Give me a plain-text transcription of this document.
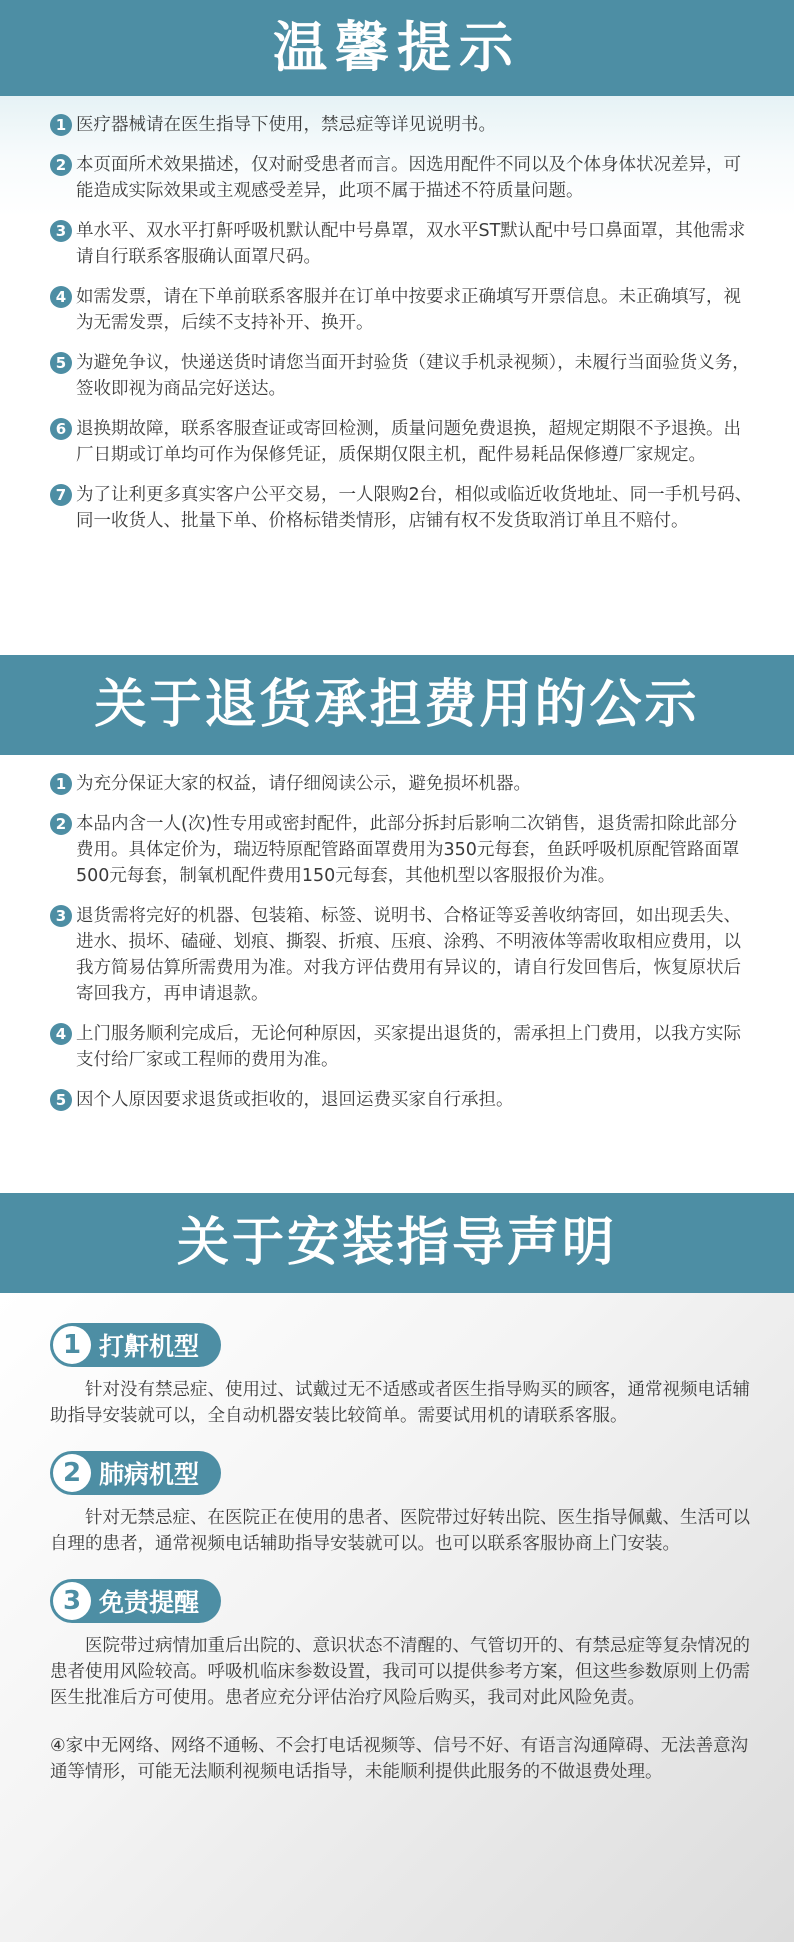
温馨提示
1 医疗器械请在医生指导下使用，禁忌症等详见说明书。
2 本页面所术效果描述，仅对耐受患者而言。因选用配件不同以及个体身体状况差异，可能造成实际效果或主观感受差异，此项不属于描述不符质量问题。
3 单水平、双水平打鼾呼吸机默认配中号鼻罩，双水平ST默认配中号口鼻面罩，其他需求请自行联系客服确认面罩尺码。
4 如需发票，请在下单前联系客服并在订单中按要求正确填写开票信息。未正确填写，视为无需发票，后续不支持补开、换开。
5 为避免争议，快递送货时请您当面开封验货（建议手机录视频），未履行当面验货义务，签收即视为商品完好送达。
6 退换期故障，联系客服查证或寄回检测，质量问题免费退换，超规定期限不予退换。出厂日期或订单均可作为保修凭证，质保期仅限主机，配件易耗品保修遵厂家规定。
7 为了让利更多真实客户公平交易，一人限购2台，相似或临近收货地址、同一手机号码、同一收货人、批量下单、价格标错类情形，店铺有权不发货取消订单且不赔付。
关于退货承担费用的公示
1 为充分保证大家的权益，请仔细阅读公示，避免损坏机器。
2 本品内含一人(次)性专用或密封配件，此部分拆封后影响二次销售，退货需扣除此部分费用。具体定价为，瑞迈特原配管路面罩费用为350元每套，鱼跃呼吸机原配管路面罩500元每套，制氧机配件费用150元每套，其他机型以客服报价为准。
3 退货需将完好的机器、包装箱、标签、说明书、合格证等妥善收纳寄回，如出现丢失、进水、损坏、磕碰、划痕、撕裂、折痕、压痕、涂鸦、不明液体等需收取相应费用，以我方简易估算所需费用为准。对我方评估费用有异议的，请自行发回售后，恢复原状后寄回我方，再申请退款。
4 上门服务顺利完成后，无论何种原因，买家提出退货的，需承担上门费用，以我方实际支付给厂家或工程师的费用为准。
5 因个人原因要求退货或拒收的，退回运费买家自行承担。
关于安装指导声明
1 打鼾机型

针对没有禁忌症、使用过、试戴过无不适感或者医生指导购买的顾客，通常视频电话辅助指导安装就可以，全自动机器安装比较简单。需要试用机的请联系客服。

2 肺病机型

针对无禁忌症、在医院正在使用的患者、医院带过好转出院、医生指导佩戴、生活可以自理的患者，通常视频电话辅助指导安装就可以。也可以联系客服协商上门安装。

3 免责提醒

医院带过病情加重后出院的、意识状态不清醒的、气管切开的、有禁忌症等复杂情况的患者使用风险较高。呼吸机临床参数设置，我司可以提供参考方案，但这些参数原则上仍需医生批准后方可使用。患者应充分评估治疗风险后购买，我司对此风险免责。

④家中无网络、网络不通畅、不会打电话视频等、信号不好、有语言沟通障碍、无法善意沟通等情形，可能无法顺利视频电话指导，未能顺利提供此服务的不做退费处理。
